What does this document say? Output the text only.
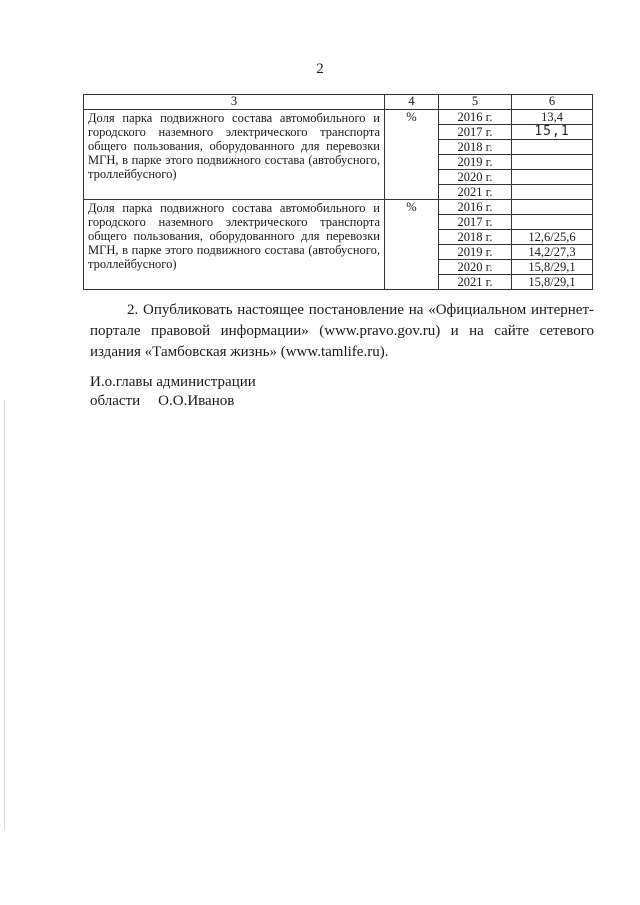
2
3	4	5	6
Доля парка подвижного состава автомобильного и городского наземного электрического транспорта общего пользования, оборудованного для перевозки МГН, в парке этого подвижного состава (автобусного, троллейбусного)	%	2016 г.	13,4
		2017 г.	15,1
		2018 г.	
		2019 г.	
		2020 г.	
		2021 г.	
Доля парка подвижного состава автомобильного и городского наземного электрического транспорта общего пользования, оборудованного для перевозки МГН, в парке этого подвижного состава (автобусного, троллейбусного)	%	2016 г.	
		2017 г.	
		2018 г.	12,6/25,6
		2019 г.	14,2/27,3
		2020 г.	15,8/29,1
		2021 г.	15,8/29,1
2. Опубликовать настоящее постановление на «Официальном интернет-портале правовой информации» (www.pravo.gov.ru) и на сайте сетевого издания «Тамбовская жизнь» (www.tamlife.ru).
И.о.главы администрации
области О.О.Иванов
